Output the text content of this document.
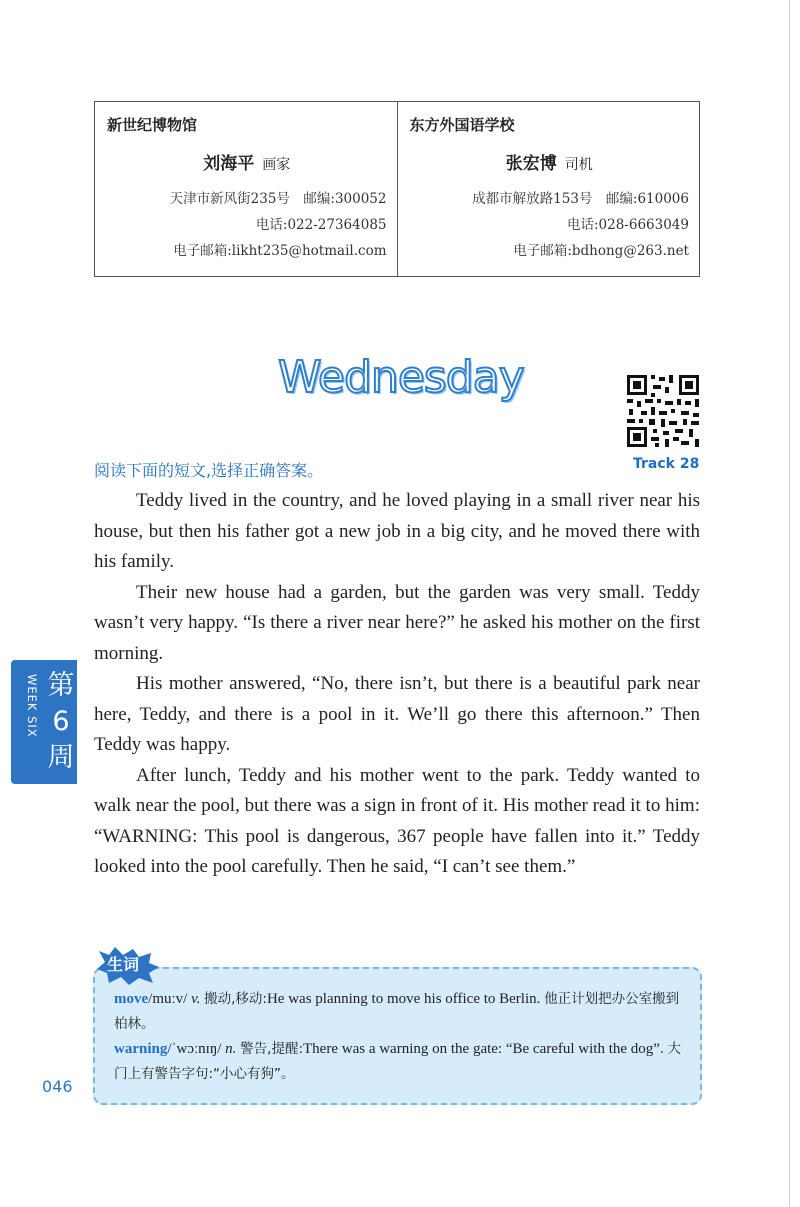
新世纪博物馆
刘海平 画家
天津市新风街235号　邮编:300052
电话:022-27364085
电子邮箱:likht235@hotmail.com
东方外国语学校
张宏博 司机
成都市解放路153号　邮编:610006
电话:028-6663049
电子邮箱:bdhong@263.net
Wednesday
Track 28
阅读下面的短文,选择正确答案。

Teddy lived in the country, and he loved playing in a small river near his house, but then his father got a new job in a big city, and he moved there with his family.

Their new house had a garden, but the garden was very small. Teddy wasn’t very happy. “Is there a river near here?” he asked his mother on the first morning.

His mother answered, “No, there isn’t, but there is a beautiful park near here, Teddy, and there is a pool in it. We’ll go there this afternoon.” Then Teddy was happy.

After lunch, Teddy and his mother went to the park. Teddy wanted to walk near the pool, but there was a sign in front of it. His mother read it to him: “WARNING: This pool is dangerous, 367 people have fallen into it.” Teddy looked into the pool carefully. Then he said, “I can’t see them.”

WEEK SIX 第6周
生词

move/muːv/ v. 搬动,移动:He was planning to move his office to Berlin. 他正计划把办公室搬到柏林。

warning/ˈwɔːnɪŋ/ n. 警告,提醒:There was a warning on the gate: “Be careful with the dog”. 大门上有警告字句:“小心有狗”。

046
